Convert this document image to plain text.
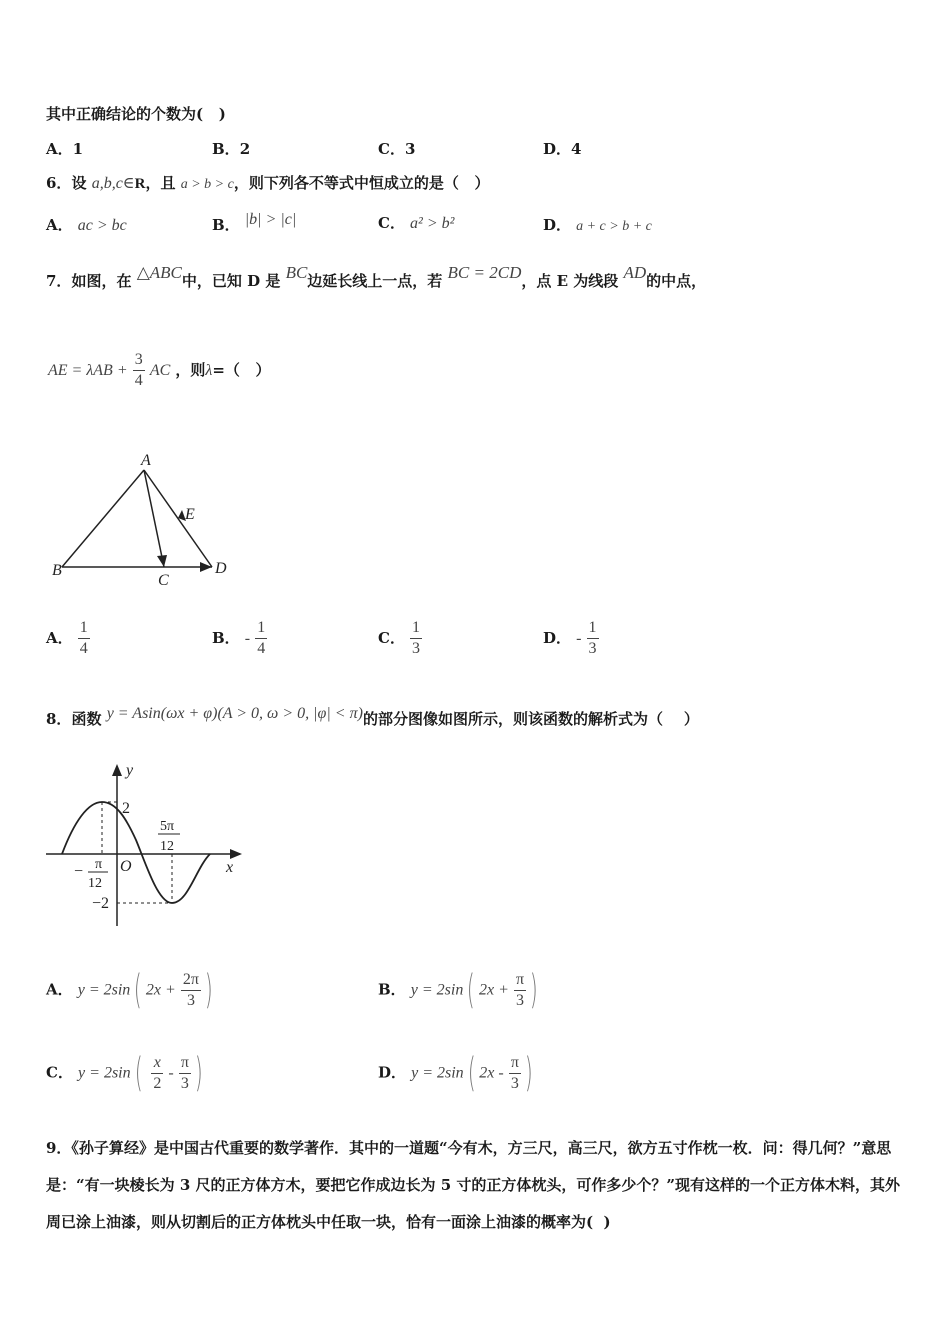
其中正确结论的个数为(   )
A．1	B．2	C．3	D．4
6．设 a,b,c∈R，且 a > b > c，则下列各不等式中恒成立的是（   ）
A． ac > bc	B． |b| > |c|	C． a² > b²	D． a + c > b + c
7．如图，在 △ABC中，已知 D 是 BC边延长线上一点，若 BC = 2CD，点 E 为线段 AD的中点，
AE = $\lambda AB + \frac{3}{4}$ AC ，则λ=（   ）
A
B
C
D
E
A． $\frac{1}{4}$	B． - $\frac{1}{4}$	C． $\frac{1}{3}$	D． - $\frac{1}{3}$
8．函数 y = Asin(ωx + φ)(A > 0, ω > 0, |φ| < π)的部分图像如图所示，则该函数的解析式为（    ）
y
x
O
2
−2
− π
12
5π
12
A． y = 2sin( $2x + \frac{2\pi}{3}$ )	B． y = 2sin( $2x + \frac{\pi}{3}$ )
C． $y = 2\sin( \frac{x}{2} - \frac{\pi}{3}$ )	D． y = 2sin( $2x - \frac{\pi}{3}$ )
9．《孙子算经》是中国古代重要的数学著作．其中的一道题“今有木，方三尺，高三尺，欲方五寸作枕一枚．问：得几何？”意思是：“有一块棱长为 3 尺的正方体方木，要把它作成边长为 5 寸的正方体枕头，可作多少个？”现有这样的一个正方体木料，其外周已涂上油漆，则从切割后的正方体枕头中任取一块，恰有一面涂上油漆的概率为(  )
